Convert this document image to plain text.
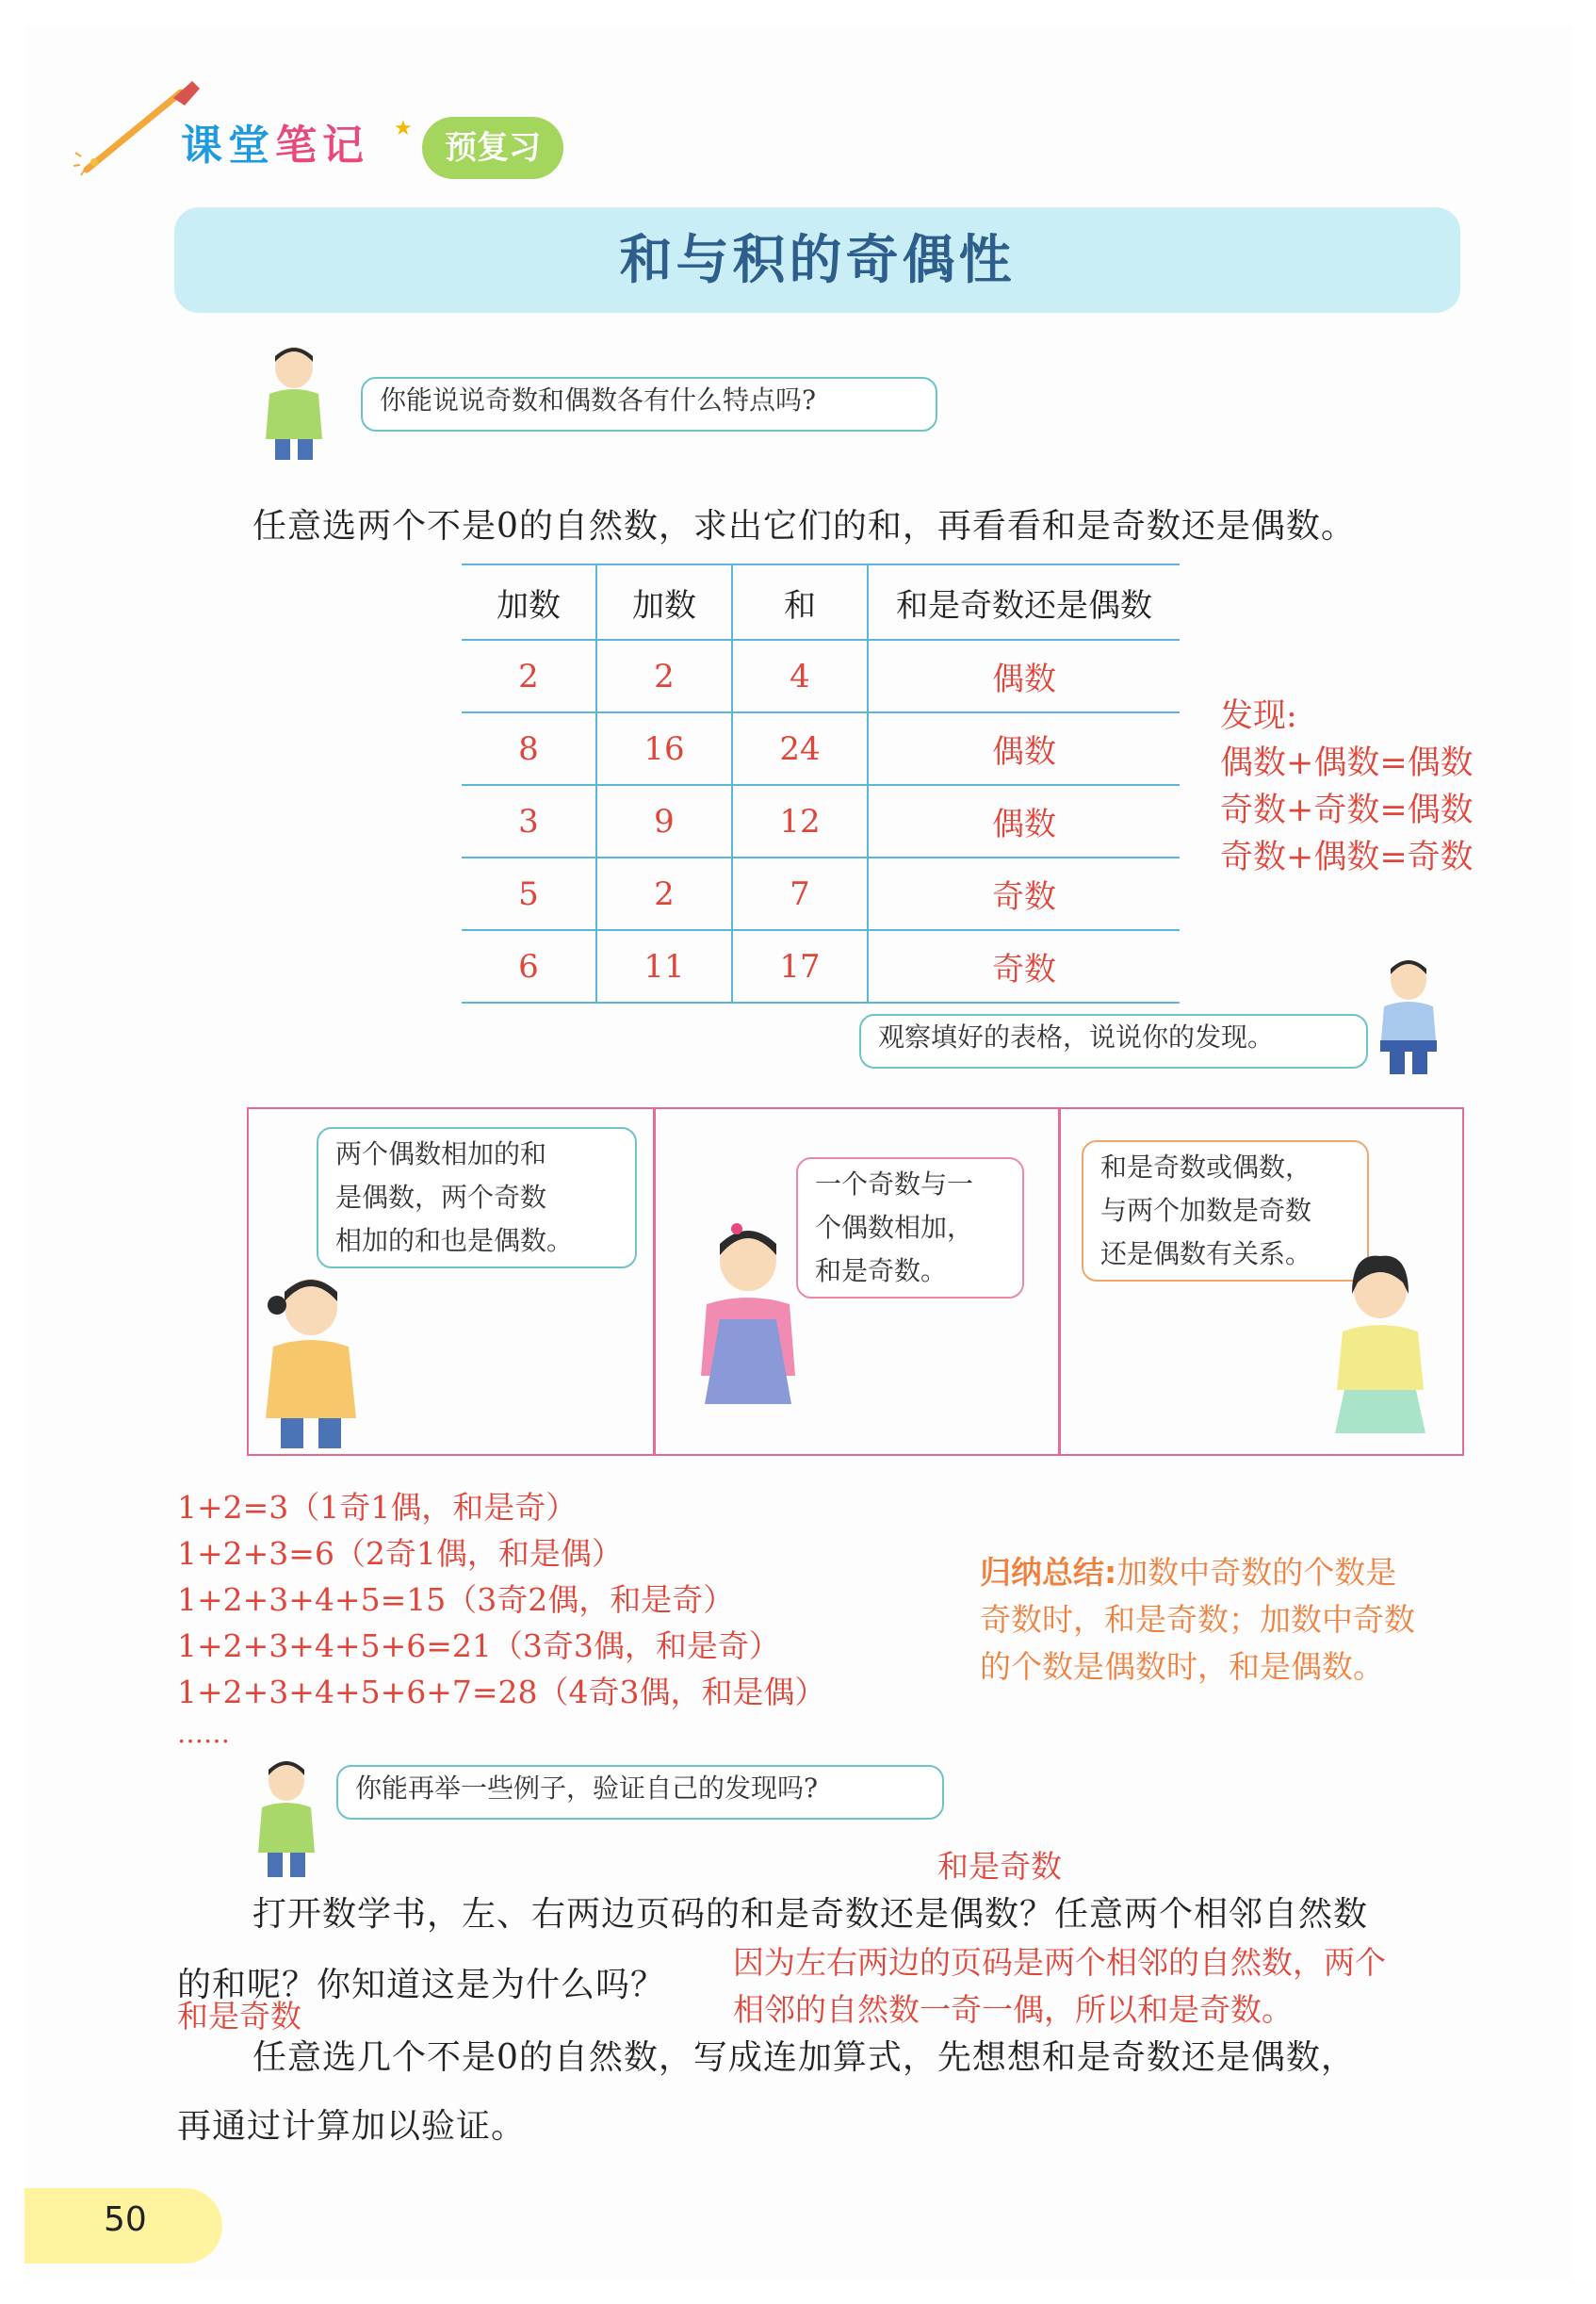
课堂笔记 ★
预复习
和与积的奇偶性
你能说说奇数和偶数各有什么特点吗?
任意选两个不是0的自然数，求出它们的和，再看看和是奇数还是偶数。
加数	加数	和	和是奇数还是偶数
2	2	4	偶数
8	16	24	偶数
3	9	12	偶数
5	2	7	奇数
6	11	17	奇数
发现:
偶数+偶数=偶数
奇数+奇数=偶数
奇数+偶数=奇数
观察填好的表格，说说你的发现。
两个偶数相加的和
是偶数，两个奇数
相加的和也是偶数。
一个奇数与一
个偶数相加，
和是奇数。
和是奇数或偶数，
与两个加数是奇数
还是偶数有关系。
1+2=3（1奇1偶，和是奇）
1+2+3=6（2奇1偶，和是偶）
1+2+3+4+5=15（3奇2偶，和是奇）
1+2+3+4+5+6=21（3奇3偶，和是奇）
1+2+3+4+5+6+7=28（4奇3偶，和是偶）
……
归纳总结:加数中奇数的个数是
奇数时，和是奇数；加数中奇数
的个数是偶数时，和是偶数。
你能再举一些例子，验证自己的发现吗?
和是奇数
打开数学书，左、右两边页码的和是奇数还是偶数？任意两个相邻自然数
的和呢？你知道这是为什么吗？
和是奇数
因为左右两边的页码是两个相邻的自然数，两个
相邻的自然数一奇一偶，所以和是奇数。
任意选几个不是0的自然数，写成连加算式，先想想和是奇数还是偶数，
再通过计算加以验证。
50
